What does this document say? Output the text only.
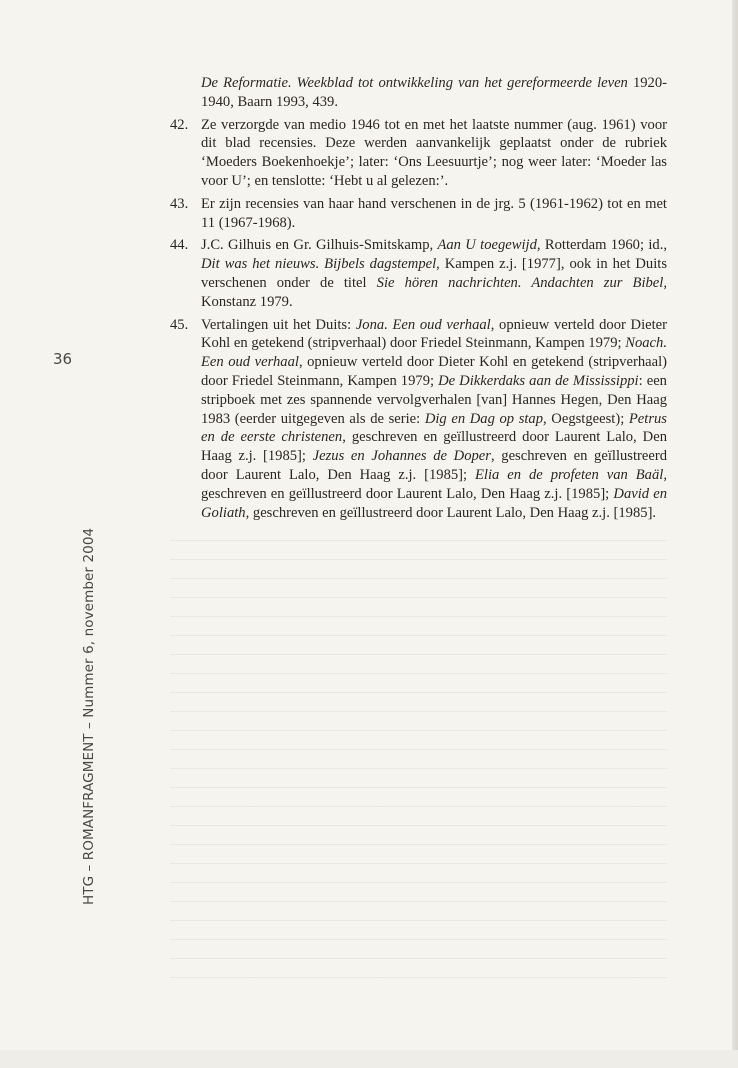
36
HTG – ROMANFRAGMENT – Nummer 6, november 2004

De Reformatie. Weekblad tot ontwikkeling van het gereformeerde leven 1920-1940, Baarn 1993, 439.

42. Ze verzorgde van medio 1946 tot en met het laatste nummer (aug. 1961) voor dit blad recensies. Deze werden aanvankelijk geplaatst onder de rubriek ‘Moeders Boekenhoekje’; later: ‘Ons Leesuurtje’; nog weer later: ‘Moeder las voor U’; en tenslotte: ‘Hebt u al gelezen:’.

43. Er zijn recensies van haar hand verschenen in de jrg. 5 (1961-1962) tot en met 11 (1967-1968).

44. J.C. Gilhuis en Gr. Gilhuis-Smitskamp, Aan U toegewijd, Rotterdam 1960; id., Dit was het nieuws. Bijbels dagstempel, Kampen z.j. [1977], ook in het Duits verschenen onder de titel Sie hören nachrichten. Andachten zur Bibel, Konstanz 1979.

45. Vertalingen uit het Duits: Jona. Een oud verhaal, opnieuw verteld door Dieter Kohl en getekend (stripverhaal) door Friedel Steinmann, Kampen 1979; Noach. Een oud verhaal, opnieuw verteld door Dieter Kohl en getekend (stripverhaal) door Friedel Steinmann, Kampen 1979; De Dikkerdaks aan de Mississippi: een stripboek met zes spannende vervolgverhalen [van] Hannes Hegen, Den Haag 1983 (eerder uitgegeven als de serie: Dig en Dag op stap, Oegstgeest); Petrus en de eerste christenen, geschreven en geïllustreerd door Laurent Lalo, Den Haag z.j. [1985]; Jezus en Johannes de Doper, geschreven en geïllustreerd door Laurent Lalo, Den Haag z.j. [1985]; Elia en de profeten van Baäl, geschreven en geïllustreerd door Laurent Lalo, Den Haag z.j. [1985]; David en Goliath, geschreven en geïllustreerd door Laurent Lalo, Den Haag z.j. [1985].
